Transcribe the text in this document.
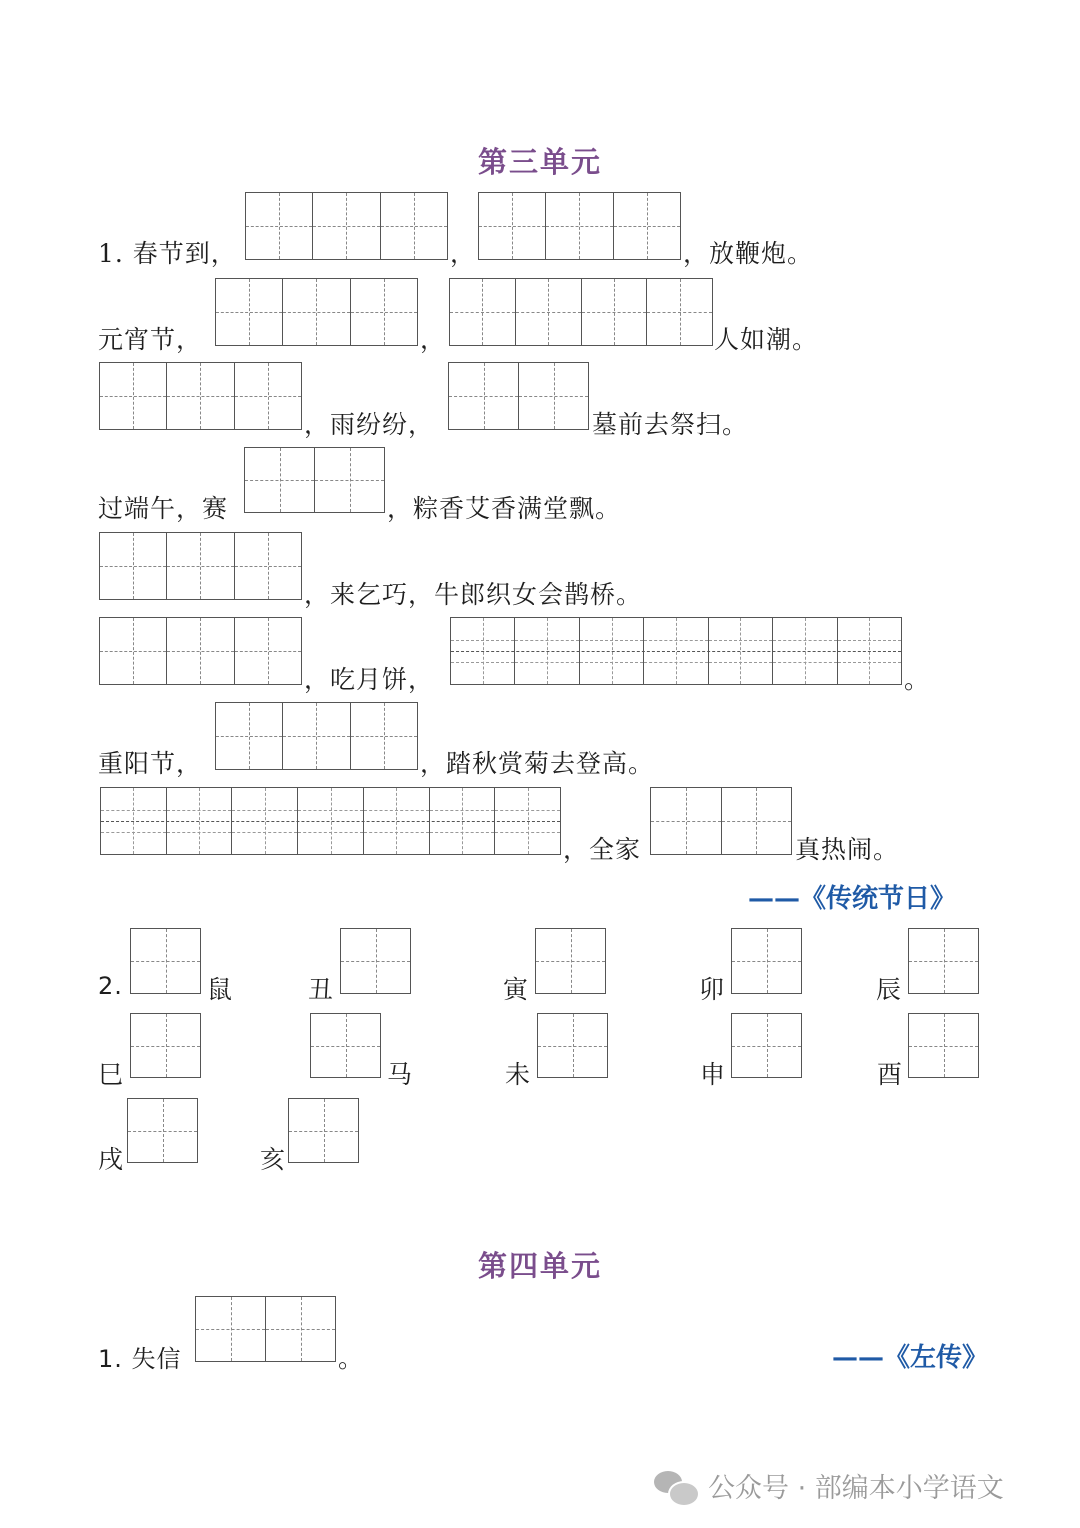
第三单元
1. 春节到，	，	，放鞭炮。
元宵节，	，	人如潮。
，雨纷纷，	墓前去祭扫。
过端午，赛	，粽香艾香满堂飘。
，来乞巧，牛郎织女会鹊桥。
，吃月饼，	。
重阳节，	，踏秋赏菊去登高。
，全家	真热闹。
——《传统节日》
2.	鼠	丑	寅	卯	辰
巳	马	未	申	酉
戌	亥
第四单元
1. 失信	。	——《左传》
公众号 · 部编本小学语文
